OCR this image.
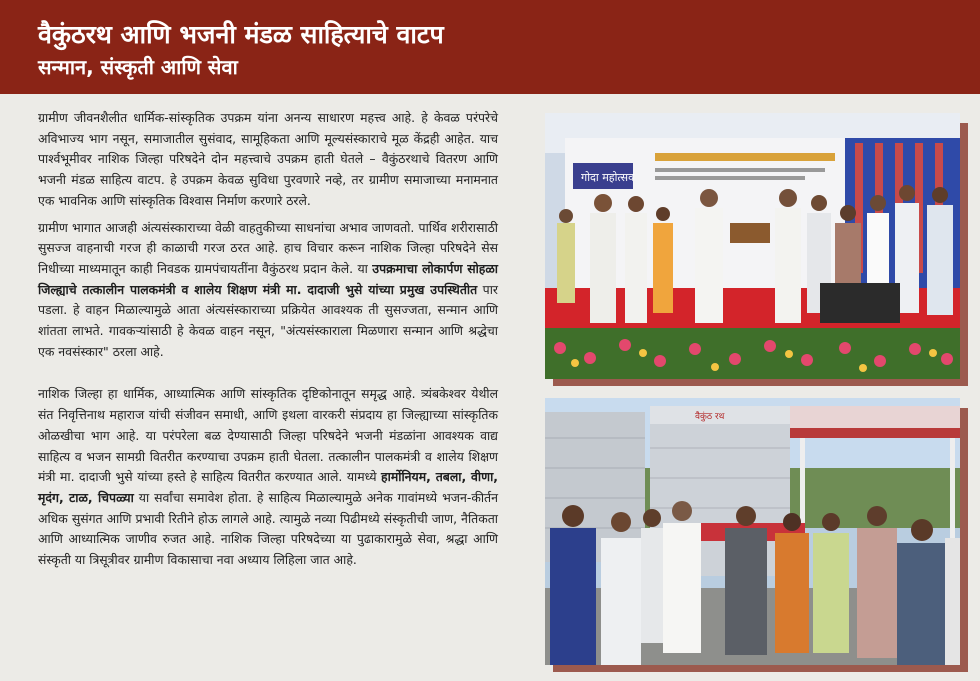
वैकुंठरथ आणि भजनी मंडळ साहित्याचे वाटप
सन्मान, संस्कृती आणि सेवा

ग्रामीण जीवनशैलीत धार्मिक-सांस्कृतिक उपक्रम यांना अनन्य साधारण महत्त्व आहे. हे केवळ परंपरेचे अविभाज्य भाग नसून, समाजातील सुसंवाद, सामूहिकता आणि मूल्यसंस्काराचे मूळ केंद्रही आहेत. याच पार्श्वभूमीवर नाशिक जिल्हा परिषदेने दोन महत्त्वाचे उपक्रम हाती घेतले – वैकुंठरथाचे वितरण आणि भजनी मंडळ साहित्य वाटप. हे उपक्रम केवळ सुविधा पुरवणारे नव्हे, तर ग्रामीण समाजाच्या मनामनात एक भावनिक आणि सांस्कृतिक विश्वास निर्माण करणारे ठरले.

ग्रामीण भागात आजही अंत्यसंस्काराच्या वेळी वाहतुकीच्या साधनांचा अभाव जाणवतो. पार्थिव शरीरासाठी सुसज्ज वाहनाची गरज ही काळाची गरज ठरत आहे. हाच विचार करून नाशिक जिल्हा परिषदेने सेस निधीच्या माध्यमातून काही निवडक ग्रामपंचायतींना वैकुंठरथ प्रदान केले. या उपक्रमाचा लोकार्पण सोहळा जिल्ह्याचे तत्कालीन पालकमंत्री व शालेय शिक्षण मंत्री मा. दादाजी भुसे यांच्या प्रमुख उपस्थितीत पार पडला. हे वाहन मिळाल्यामुळे आता अंत्यसंस्काराच्या प्रक्रियेत आवश्यक ती सुसज्जता, सन्मान आणि शांतता लाभते. गावकऱ्यांसाठी हे केवळ वाहन नसून, "अंत्यसंस्काराला मिळणारा सन्मान आणि श्रद्धेचा एक नवसंस्कार" ठरला आहे.

नाशिक जिल्हा हा धार्मिक, आध्यात्मिक आणि सांस्कृतिक दृष्टिकोनातून समृद्ध आहे. त्र्यंबकेश्वर येथील संत निवृत्तिनाथ महाराज यांची संजीवन समाधी, आणि इथला वारकरी संप्रदाय हा जिल्ह्याच्या सांस्कृतिक ओळखीचा भाग आहे. या परंपरेला बळ देण्यासाठी जिल्हा परिषदेने भजनी मंडळांना आवश्यक वाद्य साहित्य व भजन सामग्री वितरीत करण्याचा उपक्रम हाती घेतला. तत्कालीन पालकमंत्री व शालेय शिक्षण मंत्री मा. दादाजी भुसे यांच्या हस्ते हे साहित्य वितरीत करण्यात आले. यामध्ये हार्मोनियम, तबला, वीणा, मृदंग, टाळ, चिपळ्या या सर्वांचा समावेश होता. हे साहित्य मिळाल्यामुळे अनेक गावांमध्ये भजन-कीर्तन अधिक सुसंगत आणि प्रभावी रितीने होऊ लागले आहे. त्यामुळे नव्या पिढीमध्ये संस्कृतीची जाण, नैतिकता आणि आध्यात्मिक जाणीव रुजत आहे. नाशिक जिल्हा परिषदेच्या या पुढाकारामुळे सेवा, श्रद्धा आणि संस्कृती या त्रिसूत्रीवर ग्रामीण विकासाचा नवा अध्याय लिहिला जात आहे.

गोदा महोत्सव
वैकुंठ रथ
